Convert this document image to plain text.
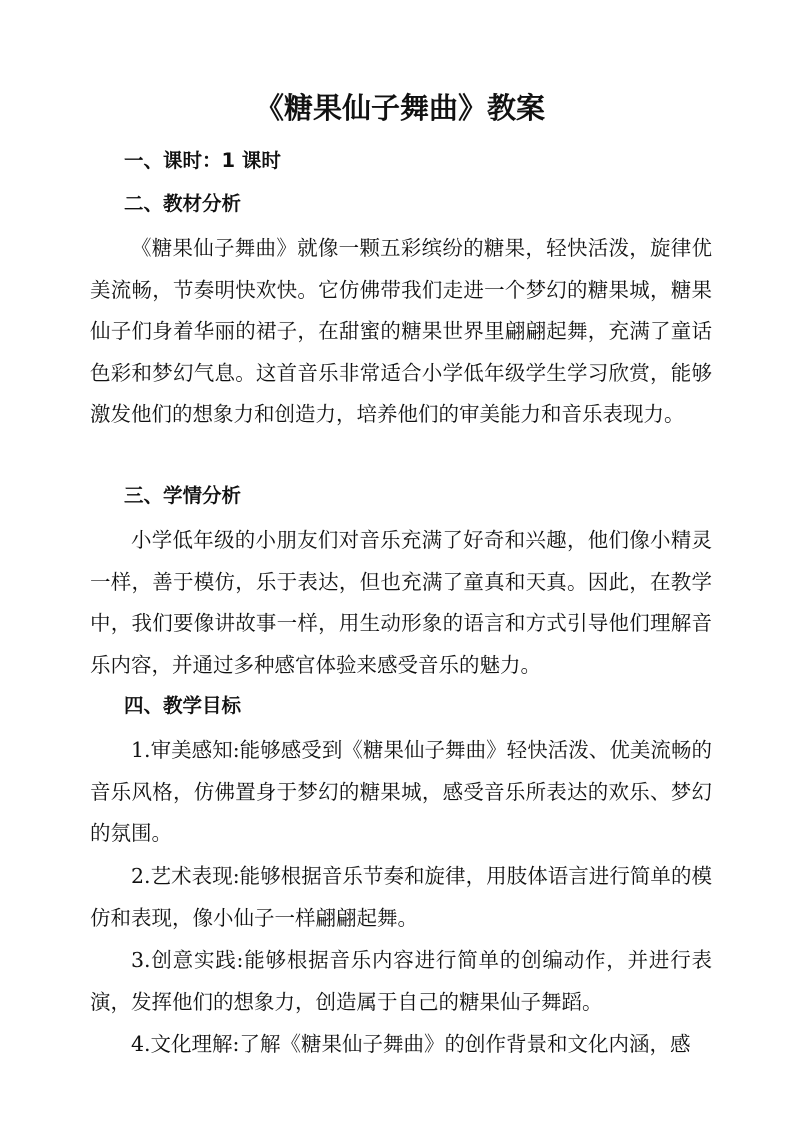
《糖果仙子舞曲》教案
一、课时：1 课时
二、教材分析

《糖果仙子舞曲》就像一颗五彩缤纷的糖果，轻快活泼，旋律优美流畅，节奏明快欢快。它仿佛带我们走进一个梦幻的糖果城，糖果仙子们身着华丽的裙子，在甜蜜的糖果世界里翩翩起舞，充满了童话色彩和梦幻气息。这首音乐非常适合小学低年级学生学习欣赏，能够激发他们的想象力和创造力，培养他们的审美能力和音乐表现力。

三、学情分析

小学低年级的小朋友们对音乐充满了好奇和兴趣，他们像小精灵一样，善于模仿，乐于表达，但也充满了童真和天真。因此，在教学中，我们要像讲故事一样，用生动形象的语言和方式引导他们理解音乐内容，并通过多种感官体验来感受音乐的魅力。

四、教学目标

1.审美感知:能够感受到《糖果仙子舞曲》轻快活泼、优美流畅的音乐风格，仿佛置身于梦幻的糖果城，感受音乐所表达的欢乐、梦幻的氛围。

2.艺术表现:能够根据音乐节奏和旋律，用肢体语言进行简单的模仿和表现，像小仙子一样翩翩起舞。

3.创意实践:能够根据音乐内容进行简单的创编动作，并进行表演，发挥他们的想象力，创造属于自己的糖果仙子舞蹈。

4.文化理解:了解《糖果仙子舞曲》的创作背景和文化内涵，感
